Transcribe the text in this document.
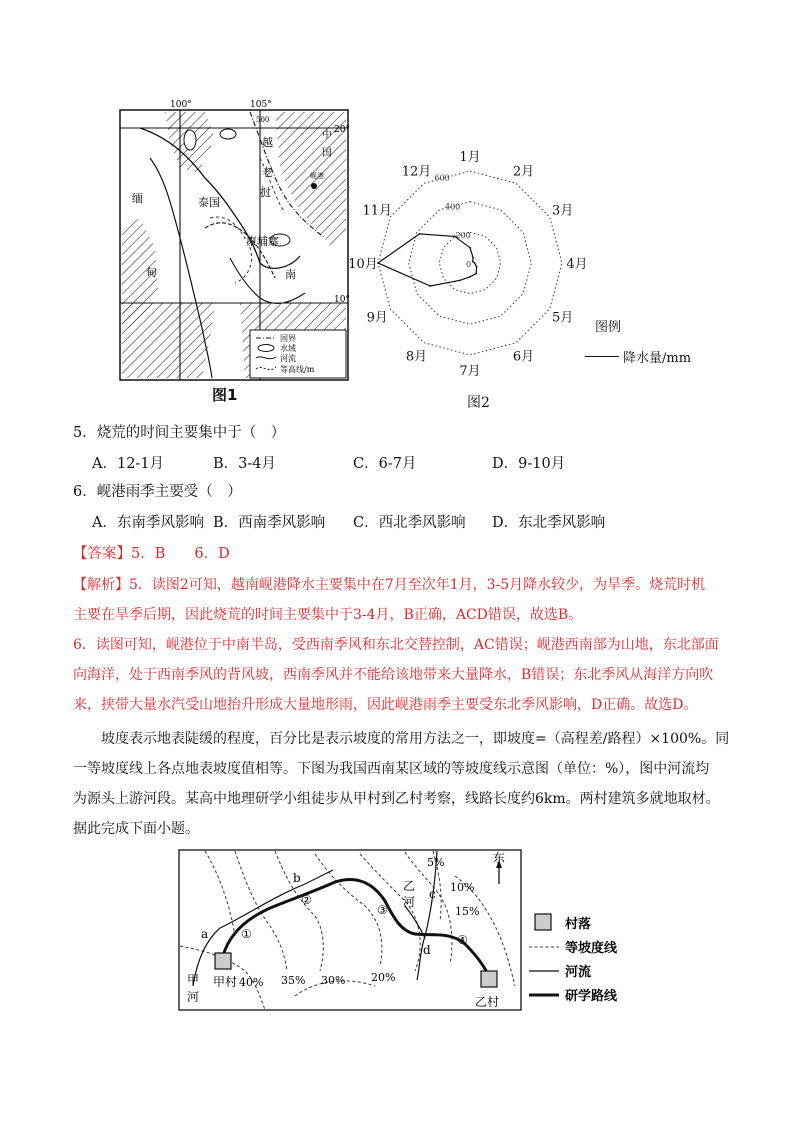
100°	105°
20°
10°
泰国
柬埔寨
缅
甸
越
老
挝
南
中
国
岘港
500
国界
水域
河流
等高线/m
图1
0
200
400
600
1月
2月
3月
4月
5月
6月
7月
8月
9月
10月
11月
12月
图例
降水量/mm
图2
5．烧荒的时间主要集中于（　）
A．12-1月	B．3-4月	C．6-7月	D．9-10月
6．岘港雨季主要受（　）
A．东南季风影响 B．西南季风影响 C．西北季风影响 D．东北季风影响
【答案】5．B　　6．D
【解析】5．读图2可知，越南岘港降水主要集中在7月至次年1月，3-5月降水较少，为旱季。烧荒时机
主要在旱季后期，因此烧荒的时间主要集中于3-4月，B正确，ACD错误，故选B。
6．读图可知，岘港位于中南半岛，受西南季风和东北交替控制，AC错误；岘港西南部为山地，东北部面
向海洋，处于西南季风的背风坡，西南季风并不能给该地带来大量降水，B错误；东北季风从海洋方向吹
来，挟带大量水汽受山地抬升形成大量地形雨，因此岘港雨季主要受东北季风影响，D正确。故选D。
　　坡度表示地表陡缓的程度，百分比是表示坡度的常用方法之一，即坡度=（高程差/路程）×100%。同
一等坡度线上各点地表坡度值相等。下图为我国西南某区域的等坡度线示意图（单位：%），图中河流均
为源头上游河段。某高中地理研学小组徒步从甲村到乙村考察，线路长度约6km。两村建筑多就地取材。
据此完成下面小题。
东
5%
10%
15%
20%
30%
35%
40%
a
b
c
d
①
②
③
④
甲
河
乙
河
甲村
乙村
村落
等坡度线
河流
研学路线
